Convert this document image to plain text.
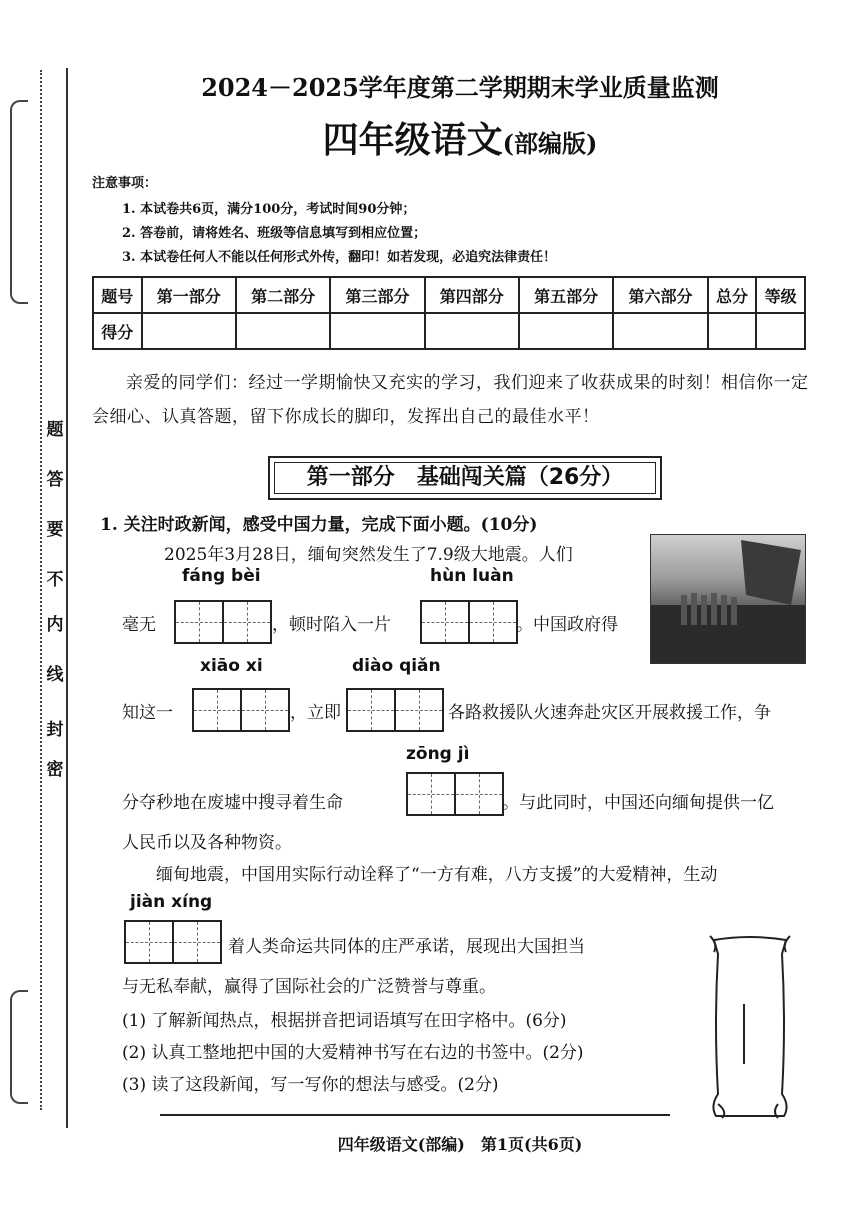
密
封
线
内
不
要
答
题
2024－2025学年度第二学期期末学业质量监测
四年级语文(部编版)
注意事项：
1. 本试卷共6页，满分100分，考试时间90分钟；
2. 答卷前，请将姓名、班级等信息填写到相应位置；
3. 本试卷任何人不能以任何形式外传，翻印！如若发现，必追究法律责任！
题号	第一部分	第二部分	第三部分	第四部分	第五部分	第六部分	总分	等级
得分								
亲爱的同学们：经过一学期愉快又充实的学习，我们迎来了收获成果的时刻！相信你一定会细心、认真答题，留下你成长的脚印，发挥出自己的最佳水平！
第一部分　基础闯关篇（26分）
1. 关注时政新闻，感受中国力量，完成下面小题。(10分)
2025年3月28日，缅甸突然发生了7.9级大地震。人们
fáng bèi	hùn luàn
毫无	，顿时陷入一片	。中国政府得
xiāo xi	diào qiǎn
知这一	，立即	各路救援队火速奔赴灾区开展救援工作，争
zōng jì
分夺秒地在废墟中搜寻着生命	。与此同时，中国还向缅甸提供一亿
人民币以及各种物资。
缅甸地震，中国用实际行动诠释了“一方有难，八方支援”的大爱精神，生动
jiàn xíng
着人类命运共同体的庄严承诺，展现出大国担当
与无私奉献，赢得了国际社会的广泛赞誉与尊重。
(1) 了解新闻热点，根据拼音把词语填写在田字格中。(6分)
(2) 认真工整地把中国的大爱精神书写在右边的书签中。(2分)
(3) 读了这段新闻，写一写你的想法与感受。(2分)
四年级语文(部编)　第1页(共6页)
